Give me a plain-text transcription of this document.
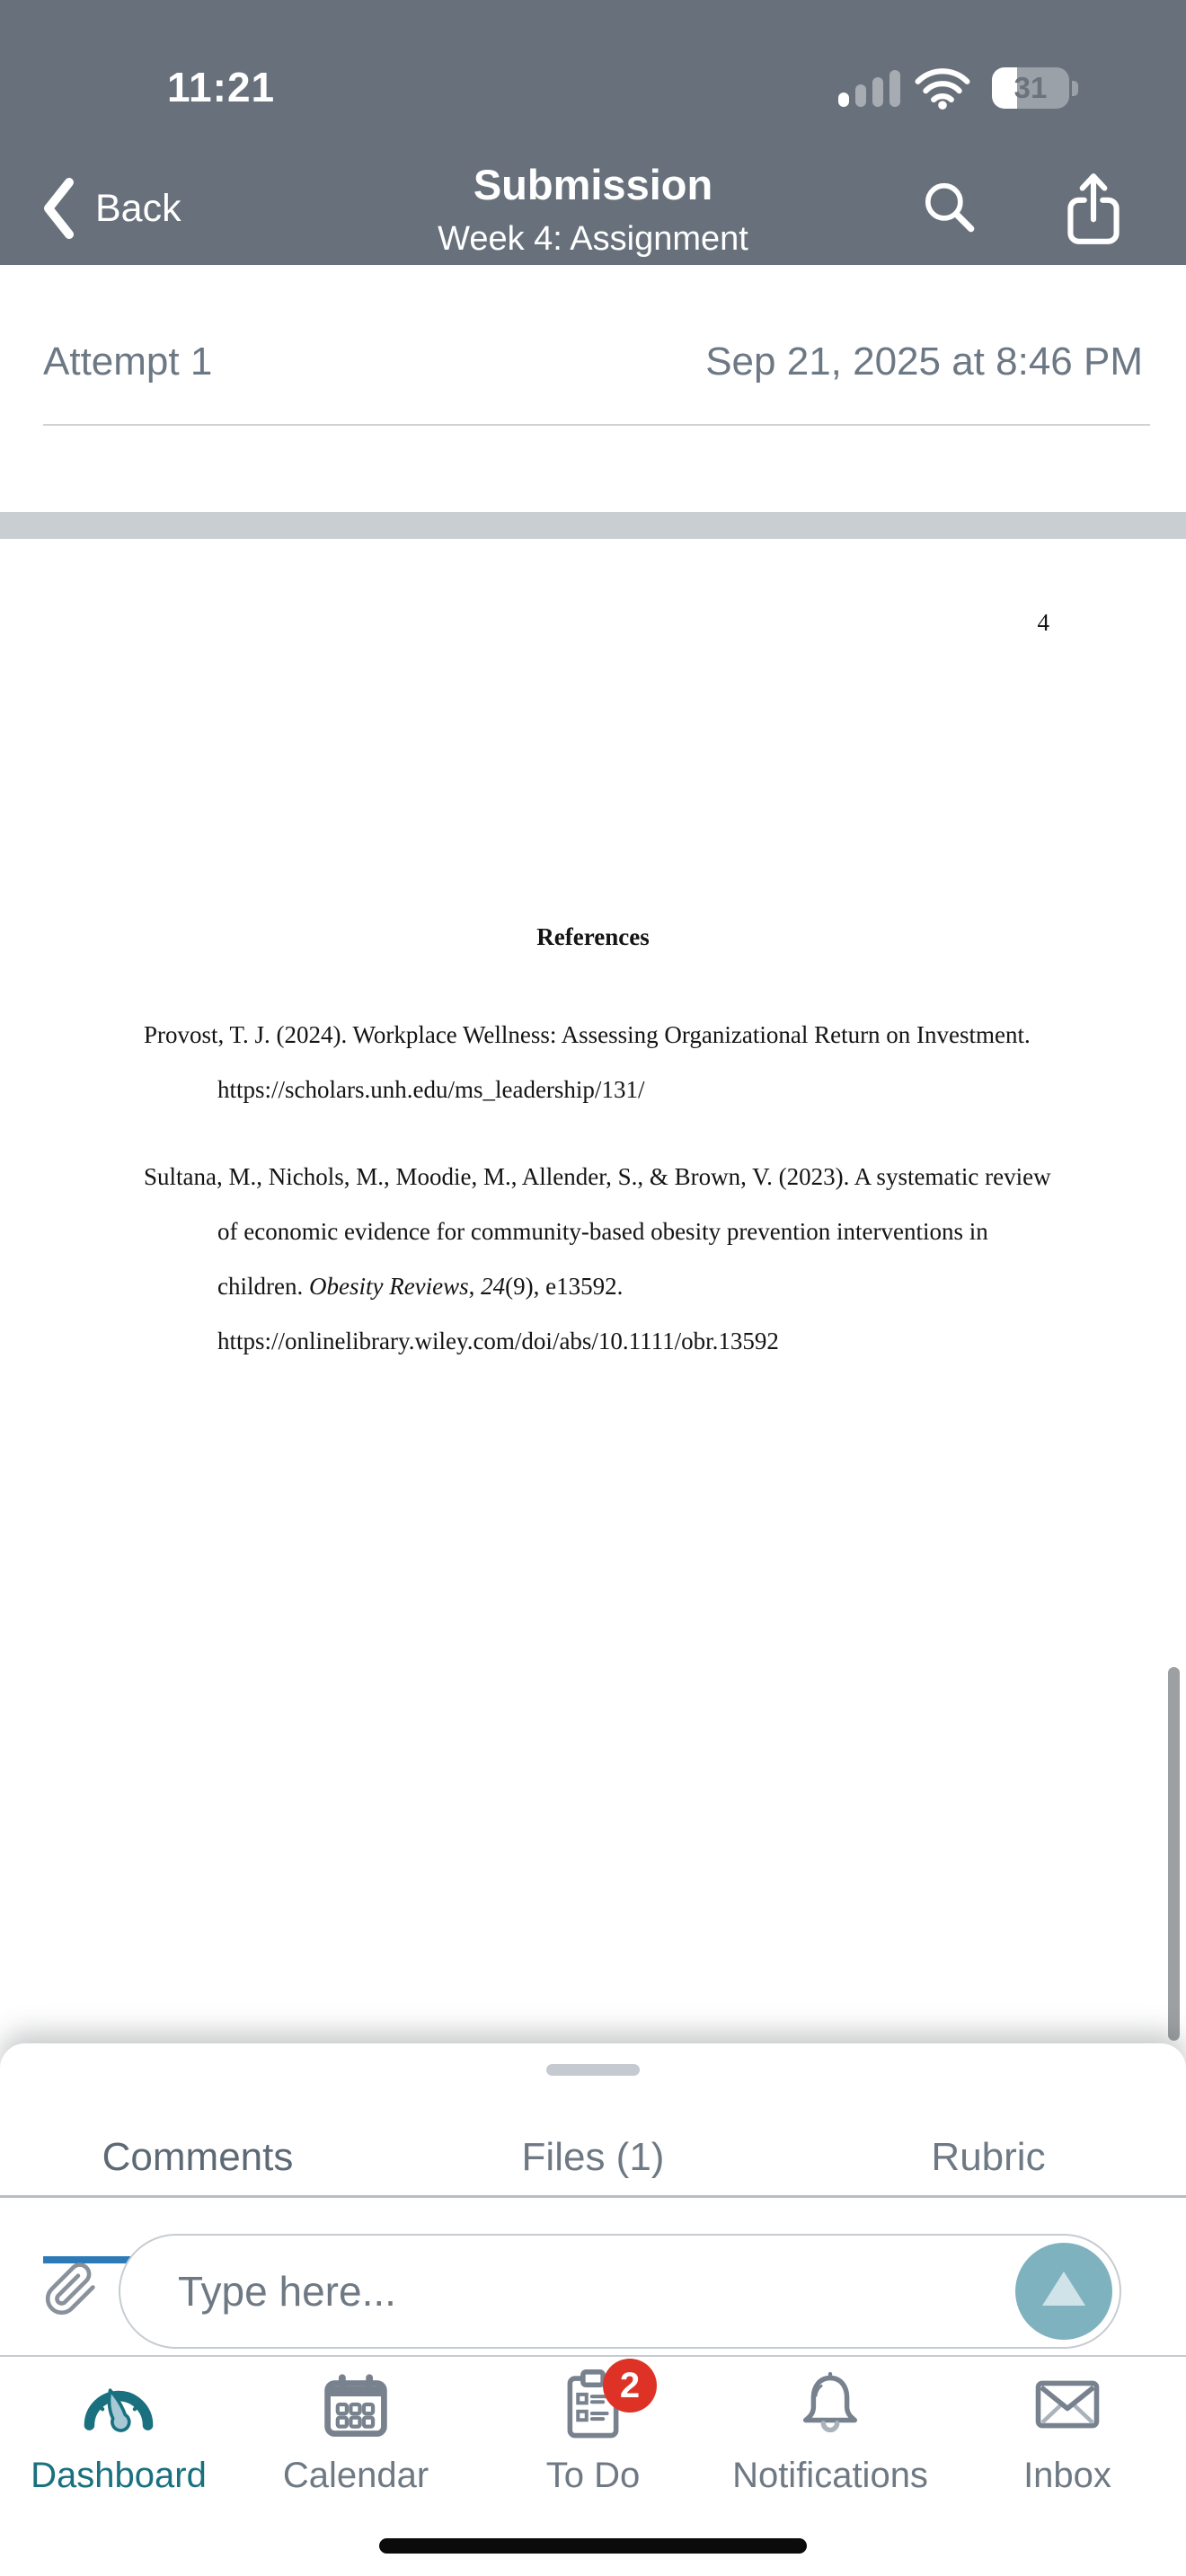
11:21	31
Back	Submission
Week 4: Assignment
Attempt 1	Sep 21, 2025 at 8:46 PM
4
References
Provost, T. J. (2024). Workplace Wellness: Assessing Organizational Return on Investment.
https://scholars.unh.edu/ms_leadership/131/
Sultana, M., Nichols, M., Moodie, M., Allender, S., & Brown, V. (2023). A systematic review
of economic evidence for community-based obesity prevention interventions in
children. Obesity Reviews, 24(9), e13592.
https://onlinelibrary.wiley.com/doi/abs/10.1111/obr.13592
Comments	Files (1)	Rubric
Type here...
Dashboard Calendar
2
To Do	Notifications	Inbox
